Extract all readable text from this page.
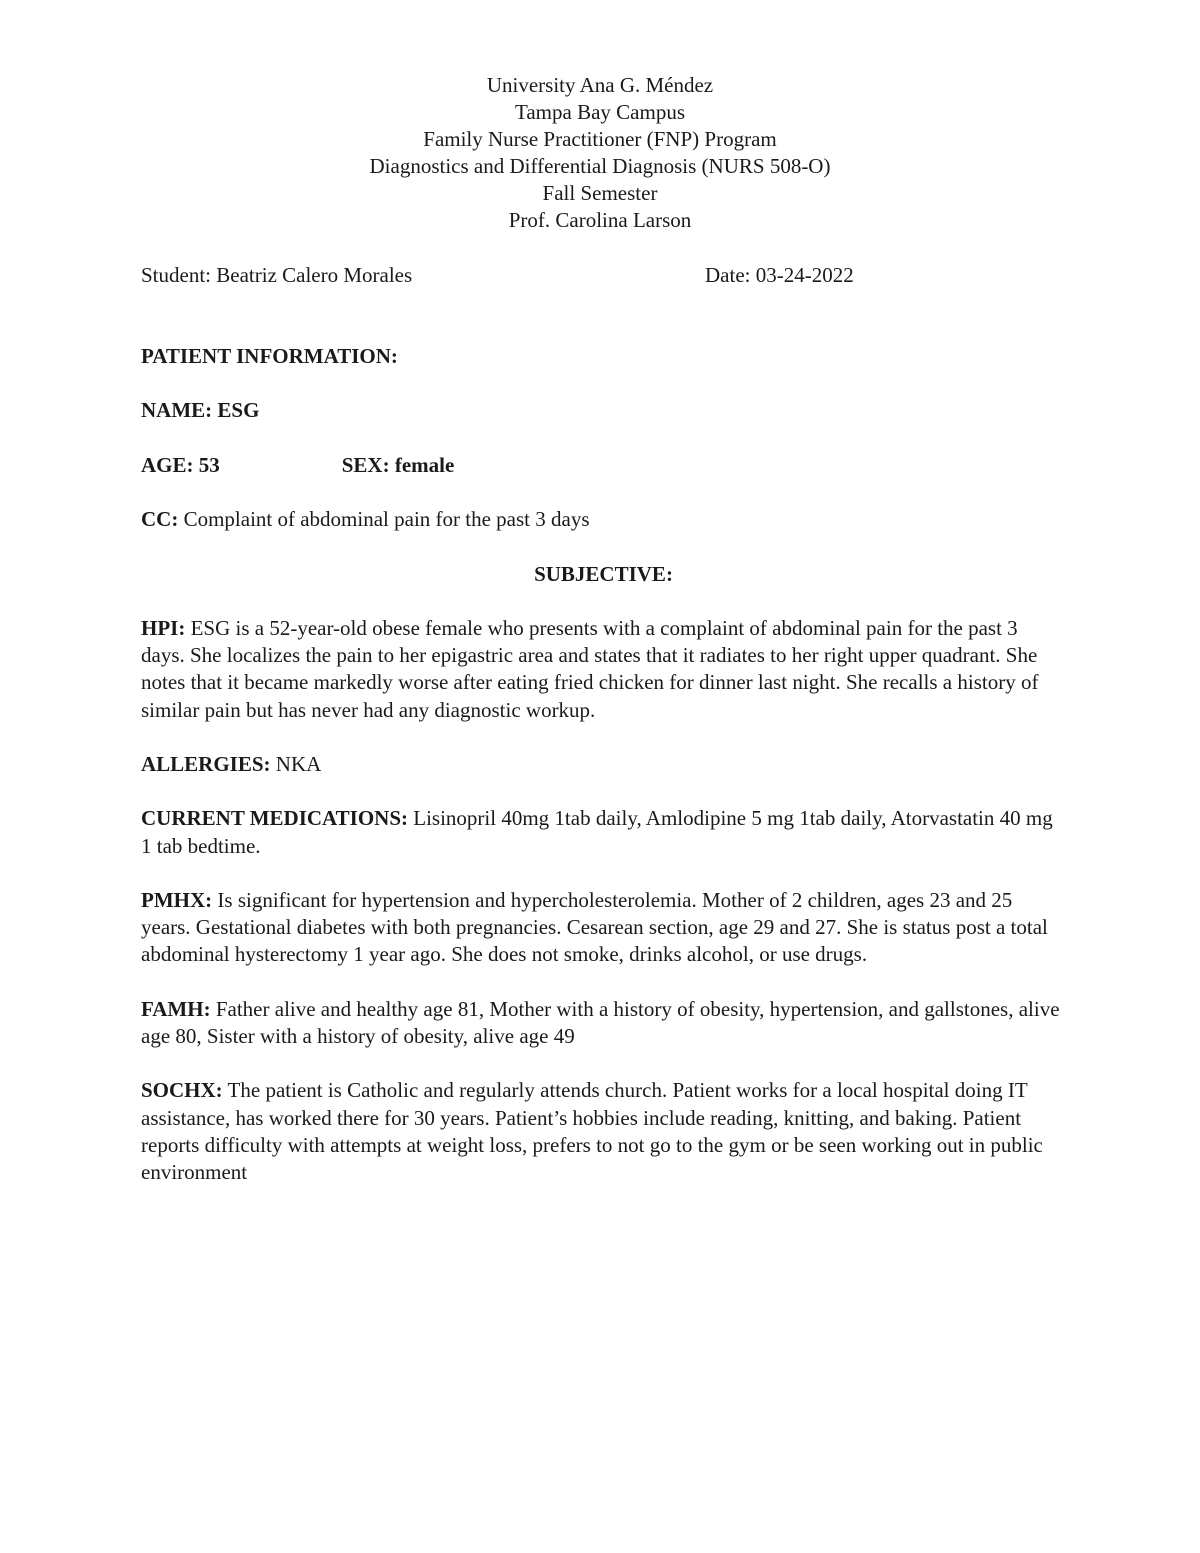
University Ana G. Méndez
Tampa Bay Campus
Family Nurse Practitioner (FNP) Program
Diagnostics and Differential Diagnosis (NURS 508-O)
Fall Semester
Prof. Carolina Larson
Student: Beatriz Calero Morales	Date: 03-24-2022

PATIENT INFORMATION:

NAME: ESG

AGE: 53	SEX: female

CC: Complaint of abdominal pain for the past 3 days

SUBJECTIVE:

HPI: ESG is a 52-year-old obese female who presents with a complaint of abdominal pain for the past 3 days. She localizes the pain to her epigastric area and states that it radiates to her right upper quadrant. She notes that it became markedly worse after eating fried chicken for dinner last night. She recalls a history of similar pain but has never had any diagnostic workup.

ALLERGIES: NKA

CURRENT MEDICATIONS: Lisinopril 40mg 1tab daily, Amlodipine 5 mg 1tab daily, Atorvastatin 40 mg 1 tab bedtime.

PMHX: Is significant for hypertension and hypercholesterolemia. Mother of 2 children, ages 23 and 25 years. Gestational diabetes with both pregnancies. Cesarean section, age 29 and 27. She is status post a total abdominal hysterectomy 1 year ago. She does not smoke, drinks alcohol, or use drugs.

FAMH: Father alive and healthy age 81, Mother with a history of obesity, hypertension, and gallstones, alive age 80, Sister with a history of obesity, alive age 49

SOCHX: The patient is Catholic and regularly attends church. Patient works for a local hospital doing IT assistance, has worked there for 30 years. Patient’s hobbies include reading, knitting, and baking. Patient reports difficulty with attempts at weight loss, prefers to not go to the gym or be seen working out in public environment
